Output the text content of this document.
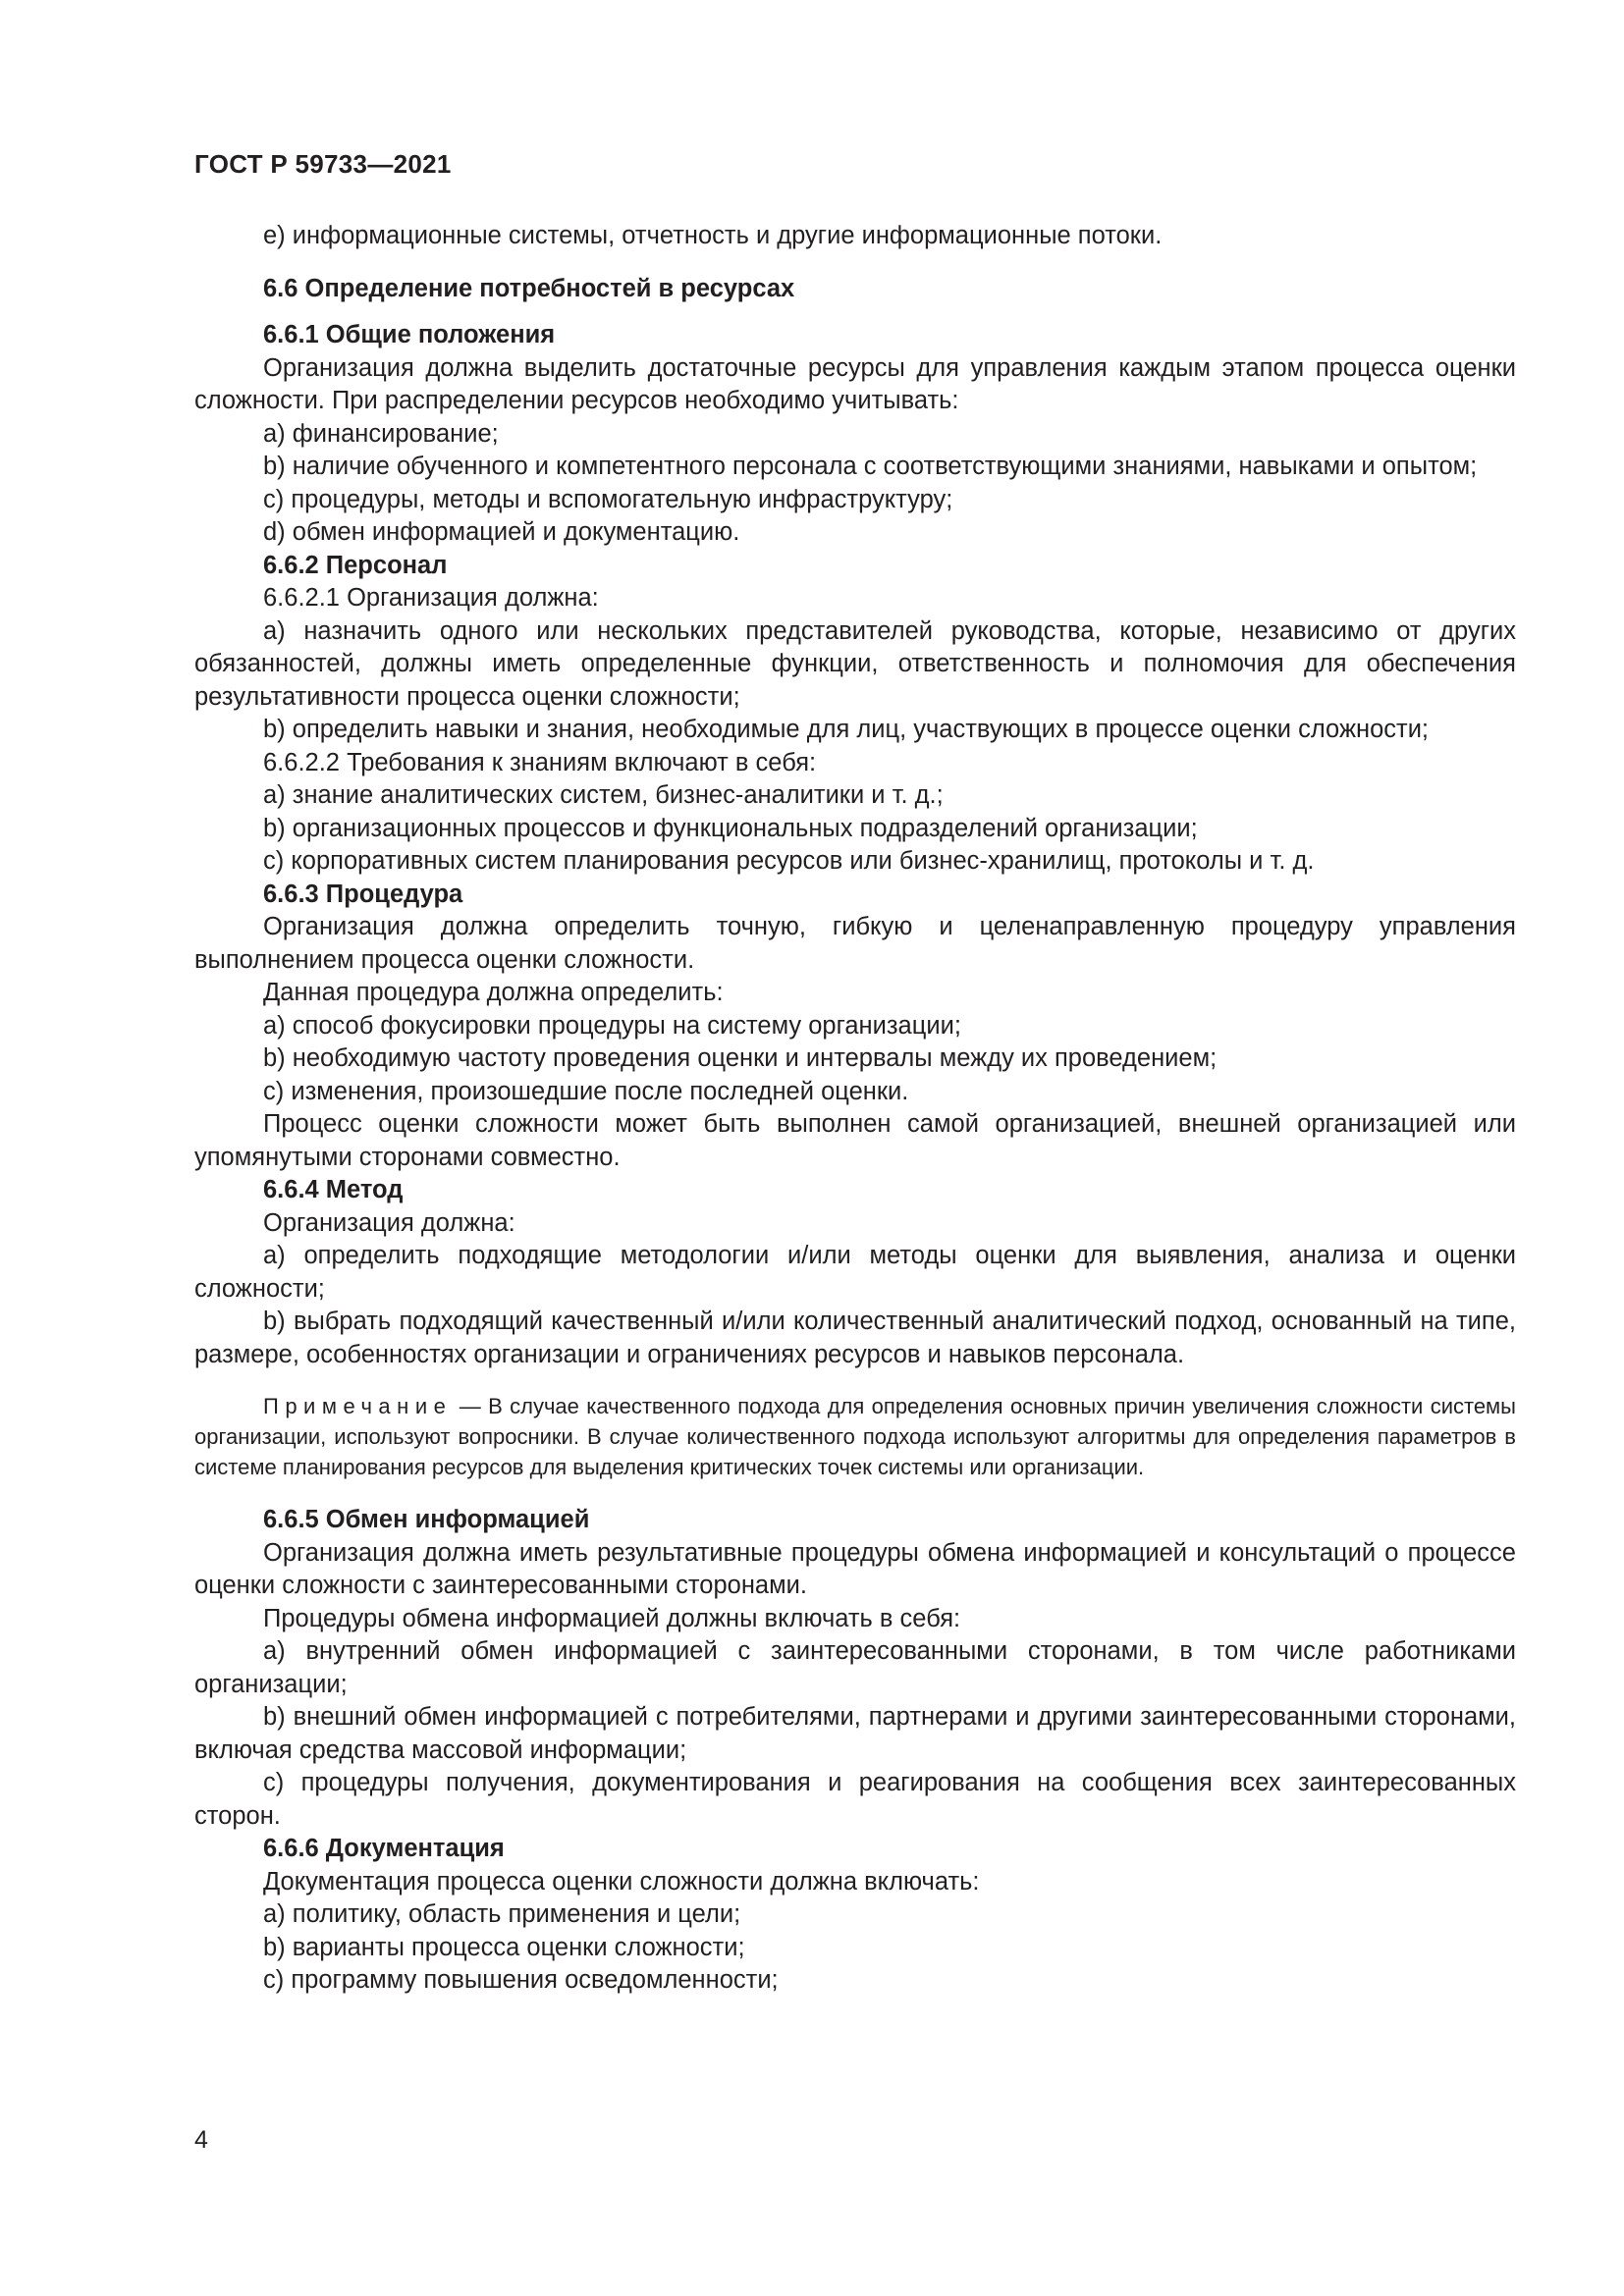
ГОСТ Р 59733—2021

е) информационные системы, отчетность и другие информационные потоки.

6.6 Определение потребностей в ресурсах

6.6.1 Общие положения

Организация должна выделить достаточные ресурсы для управления каждым этапом процесса оценки сложности. При распределении ресурсов необходимо учитывать:

a) финансирование;

b) наличие обученного и компетентного персонала с соответствующими знаниями, навыками и опытом;

c) процедуры, методы и вспомогательную инфраструктуру;

d) обмен информацией и документацию.

6.6.2 Персонал

6.6.2.1 Организация должна:

a) назначить одного или нескольких представителей руководства, которые, независимо от других обязанностей, должны иметь определенные функции, ответственность и полномочия для обеспечения результативности процесса оценки сложности;

b) определить навыки и знания, необходимые для лиц, участвующих в процессе оценки сложности;

6.6.2.2 Требования к знаниям включают в себя:

a) знание аналитических систем, бизнес-аналитики и т. д.;

b) организационных процессов и функциональных подразделений организации;

c) корпоративных систем планирования ресурсов или бизнес-хранилищ, протоколы и т. д.

6.6.3 Процедура

Организация должна определить точную, гибкую и целенаправленную процедуру управления выполнением процесса оценки сложности.

Данная процедура должна определить:

a) способ фокусировки процедуры на систему организации;

b) необходимую частоту проведения оценки и интервалы между их проведением;

c) изменения, произошедшие после последней оценки.

Процесс оценки сложности может быть выполнен самой организацией, внешней организацией или упомянутыми сторонами совместно.

6.6.4 Метод

Организация должна:

a) определить подходящие методологии и/или методы оценки для выявления, анализа и оценки сложности;

b) выбрать подходящий качественный и/или количественный аналитический подход, основанный на типе, размере, особенностях организации и ограничениях ресурсов и навыков персонала.

Примечание — В случае качественного подхода для определения основных причин увеличения сложности системы организации, используют вопросники. В случае количественного подхода используют алгоритмы для определения параметров в системе планирования ресурсов для выделения критических точек системы или организации.

6.6.5 Обмен информацией

Организация должна иметь результативные процедуры обмена информацией и консультаций о процессе оценки сложности с заинтересованными сторонами.

Процедуры обмена информацией должны включать в себя:

a) внутренний обмен информацией с заинтересованными сторонами, в том числе работниками организации;

b) внешний обмен информацией с потребителями, партнерами и другими заинтересованными сторонами, включая средства массовой информации;

c) процедуры получения, документирования и реагирования на сообщения всех заинтересованных сторон.

6.6.6 Документация

Документация процесса оценки сложности должна включать:

a) политику, область применения и цели;

b) варианты процесса оценки сложности;

c) программу повышения осведомленности;

4
